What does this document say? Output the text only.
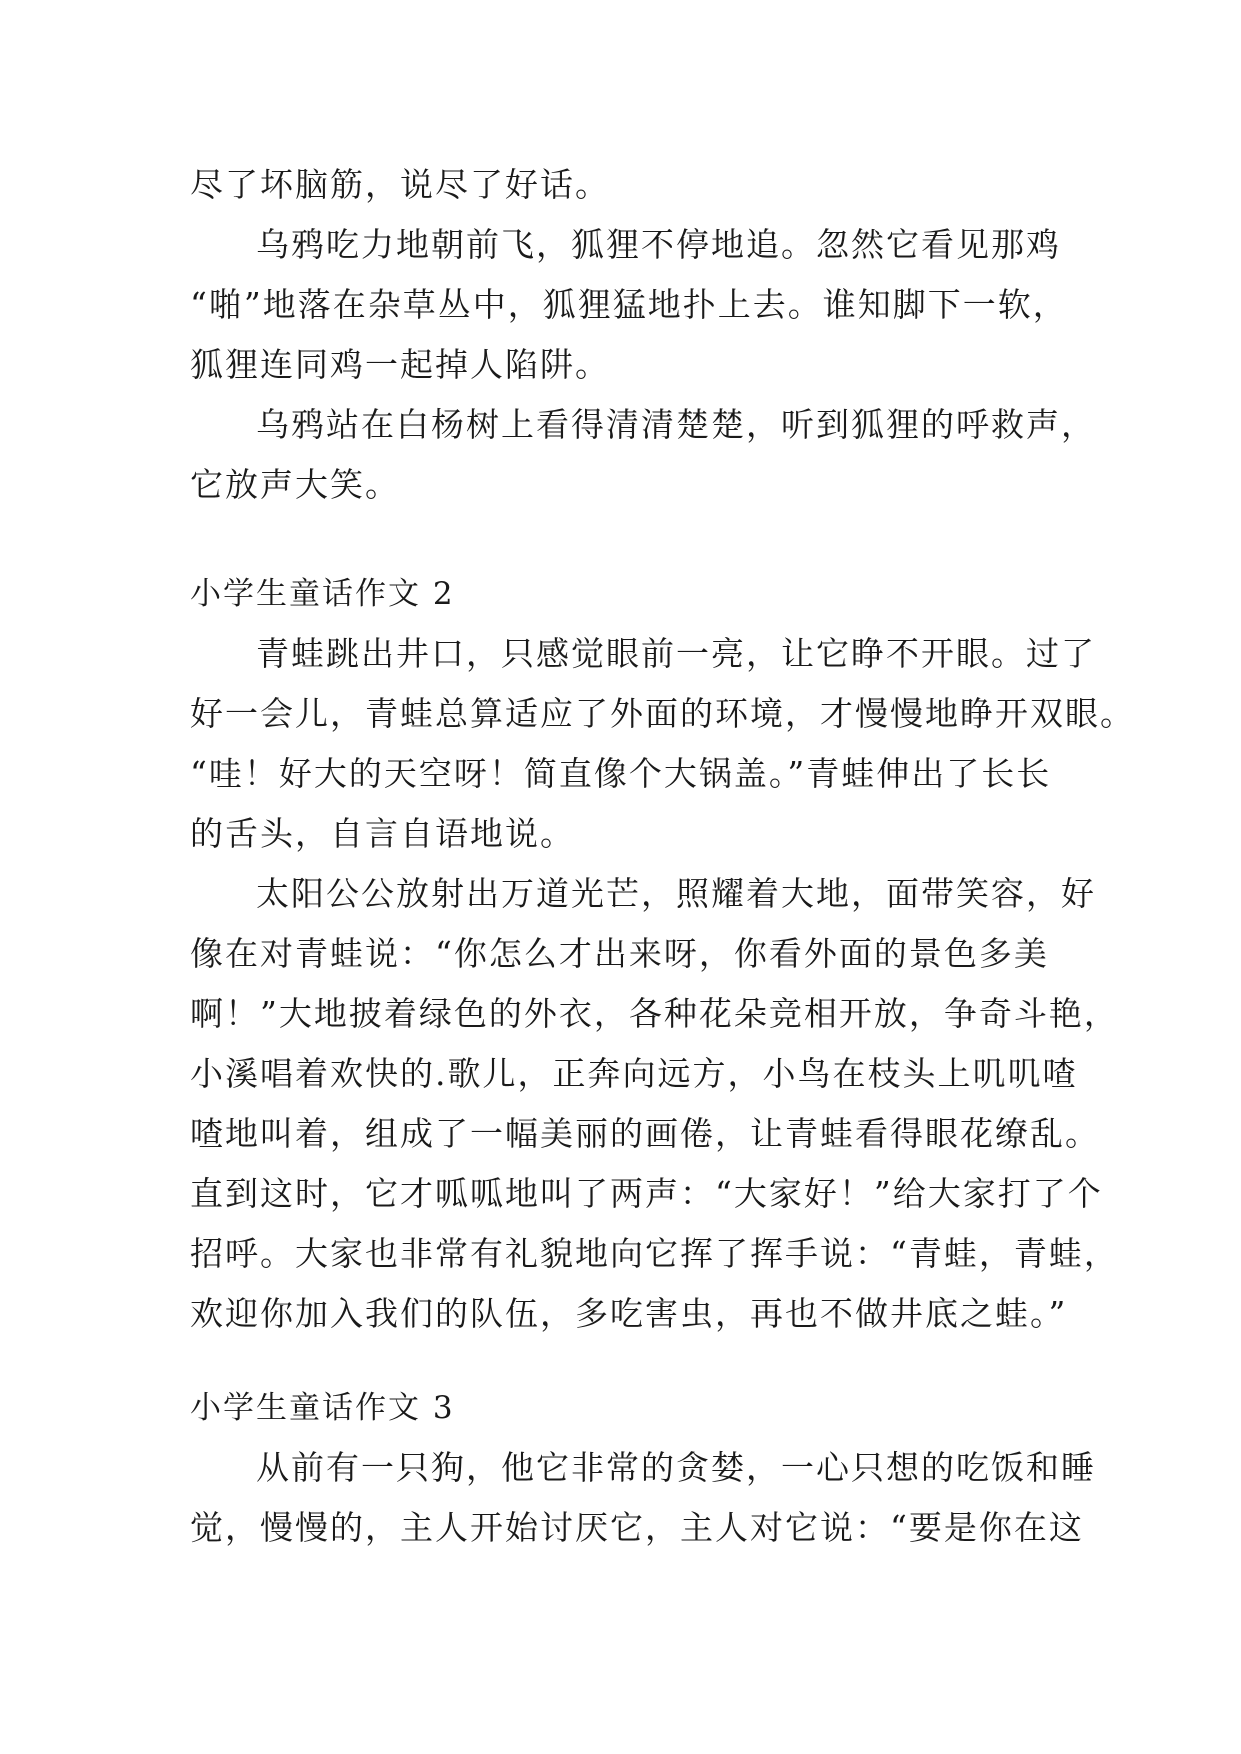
尽了坏脑筋，说尽了好话。
乌鸦吃力地朝前飞，狐狸不停地追。忽然它看见那鸡
“啪”地落在杂草丛中，狐狸猛地扑上去。谁知脚下一软，
狐狸连同鸡一起掉人陷阱。
乌鸦站在白杨树上看得清清楚楚，听到狐狸的呼救声，
它放声大笑。
小学生童话作文 2
青蛙跳出井口，只感觉眼前一亮，让它睁不开眼。过了
好一会儿，青蛙总算适应了外面的环境，才慢慢地睁开双眼。
“哇！好大的天空呀！简直像个大锅盖。”青蛙伸出了长长
的舌头，自言自语地说。
太阳公公放射出万道光芒，照耀着大地，面带笑容，好
像在对青蛙说：“你怎么才出来呀，你看外面的景色多美
啊！”大地披着绿色的外衣，各种花朵竞相开放，争奇斗艳，
小溪唱着欢快的.歌儿，正奔向远方，小鸟在枝头上叽叽喳
喳地叫着，组成了一幅美丽的画倦，让青蛙看得眼花缭乱。
直到这时，它才呱呱地叫了两声：“大家好！”给大家打了个
招呼。大家也非常有礼貌地向它挥了挥手说：“青蛙，青蛙，
欢迎你加入我们的队伍，多吃害虫，再也不做井底之蛙。”
小学生童话作文 3
从前有一只狗，他它非常的贪婪，一心只想的吃饭和睡
觉，慢慢的，主人开始讨厌它，主人对它说：“要是你在这
